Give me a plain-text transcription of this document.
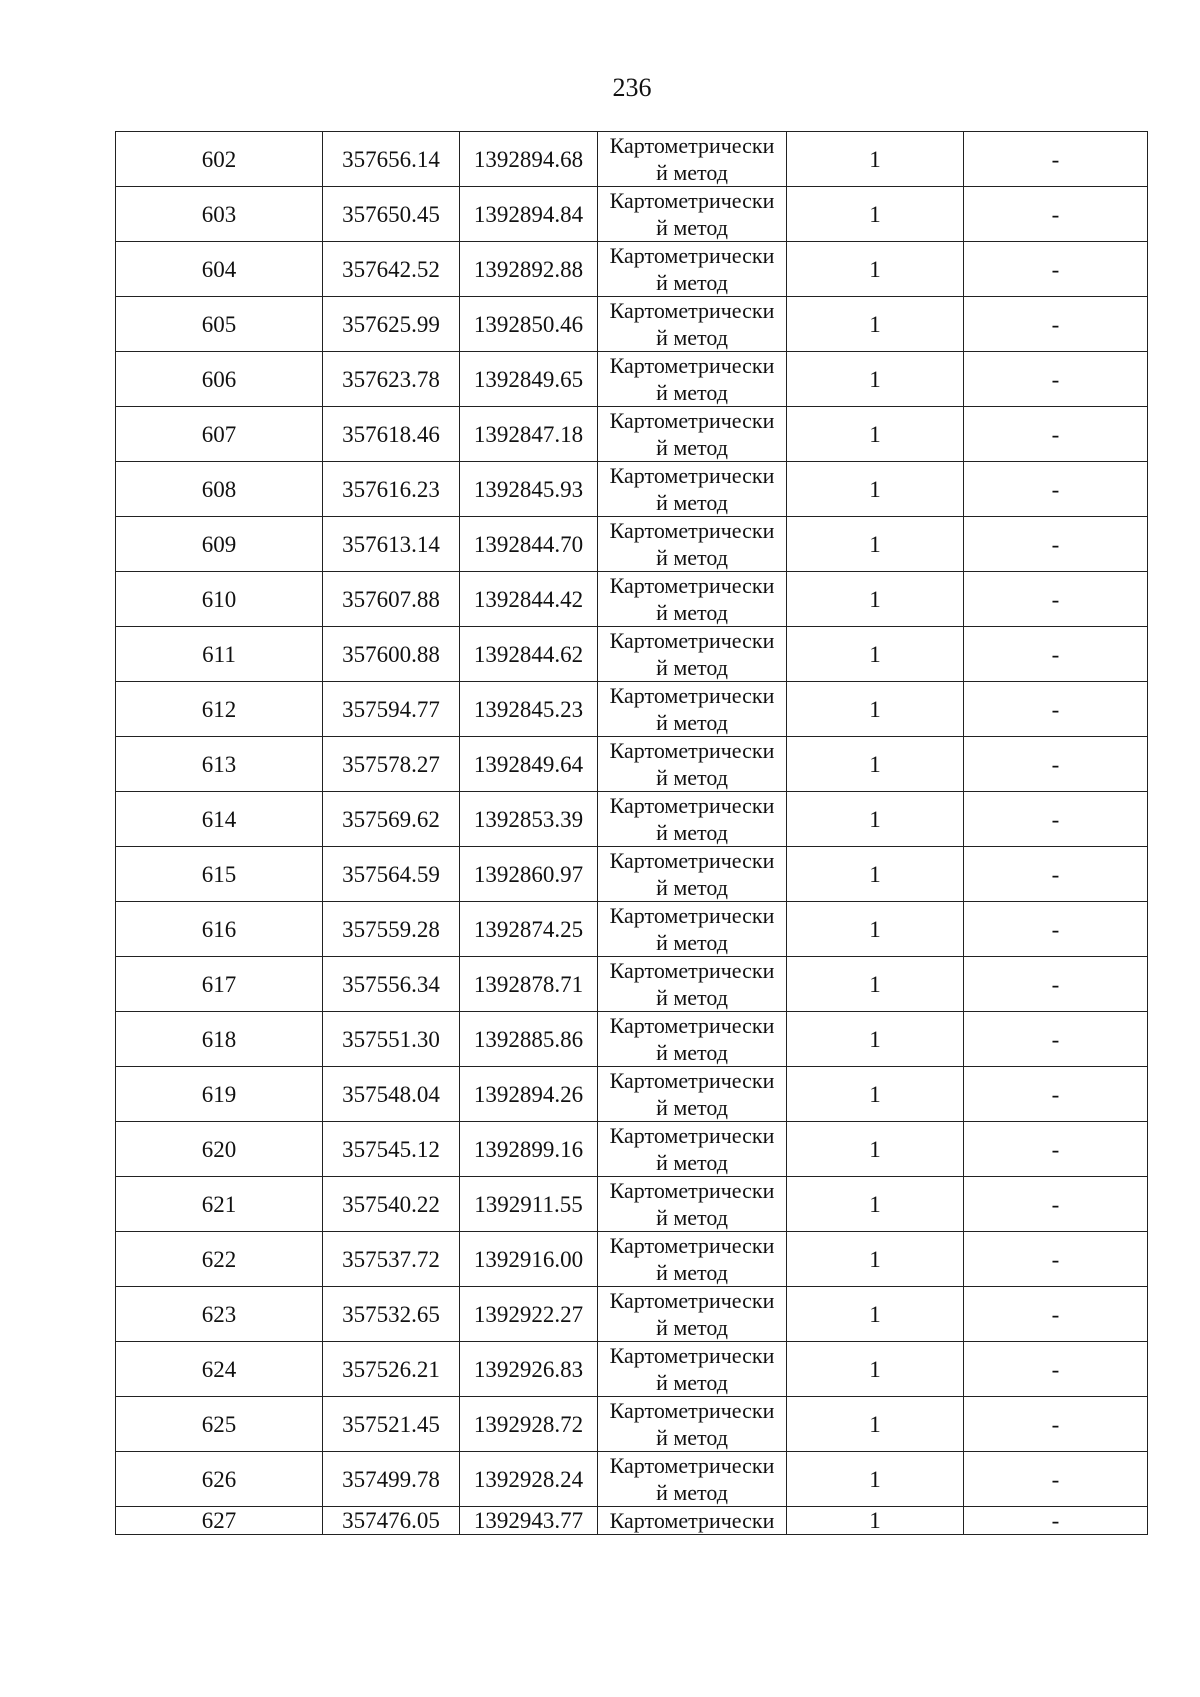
236
602	357656.14	1392894.68	Картометрически
й метод	1	-
603	357650.45	1392894.84	Картометрически
й метод	1	-
604	357642.52	1392892.88	Картометрически
й метод	1	-
605	357625.99	1392850.46	Картометрически
й метод	1	-
606	357623.78	1392849.65	Картометрически
й метод	1	-
607	357618.46	1392847.18	Картометрически
й метод	1	-
608	357616.23	1392845.93	Картометрически
й метод	1	-
609	357613.14	1392844.70	Картометрически
й метод	1	-
610	357607.88	1392844.42	Картометрически
й метод	1	-
611	357600.88	1392844.62	Картометрически
й метод	1	-
612	357594.77	1392845.23	Картометрически
й метод	1	-
613	357578.27	1392849.64	Картометрически
й метод	1	-
614	357569.62	1392853.39	Картометрически
й метод	1	-
615	357564.59	1392860.97	Картометрически
й метод	1	-
616	357559.28	1392874.25	Картометрически
й метод	1	-
617	357556.34	1392878.71	Картометрически
й метод	1	-
618	357551.30	1392885.86	Картометрически
й метод	1	-
619	357548.04	1392894.26	Картометрически
й метод	1	-
620	357545.12	1392899.16	Картометрически
й метод	1	-
621	357540.22	1392911.55	Картометрически
й метод	1	-
622	357537.72	1392916.00	Картометрически
й метод	1	-
623	357532.65	1392922.27	Картометрически
й метод	1	-
624	357526.21	1392926.83	Картометрически
й метод	1	-
625	357521.45	1392928.72	Картометрически
й метод	1	-
626	357499.78	1392928.24	Картометрически
й метод	1	-
627	357476.05	1392943.77	Картометрически	1	-
